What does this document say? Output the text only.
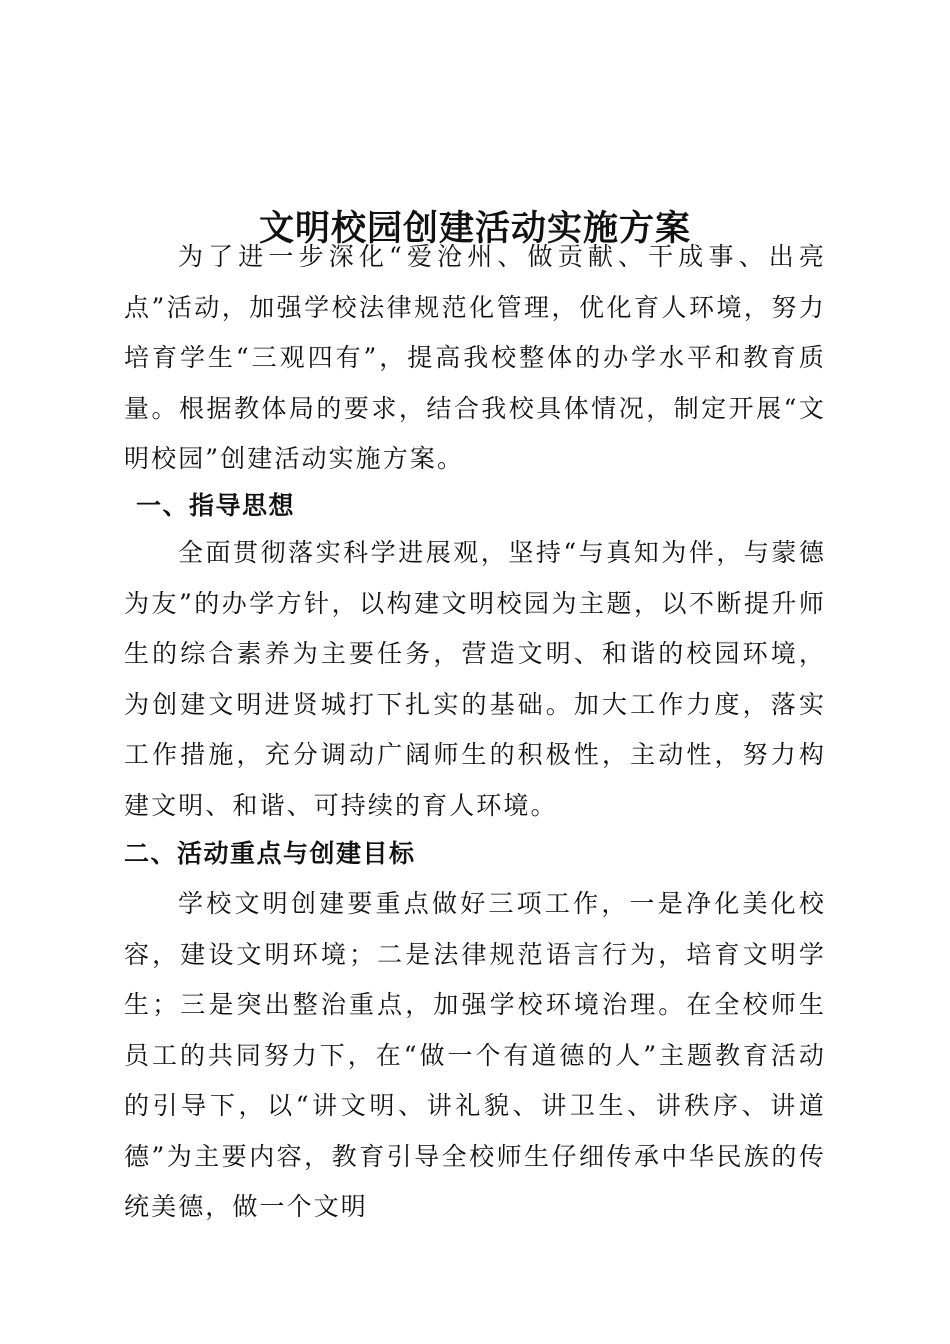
文明校园创建活动实施方案

为了进一步深化“爱沧州、做贡献、干成事、出亮点”活动，加强学校法律规范化管理，优化育人环境，努力培育学生“三观四有”，提高我校整体的办学水平和教育质量。根据教体局的要求，结合我校具体情况，制定开展“文明校园”创建活动实施方案。

一、指导思想

全面贯彻落实科学进展观，坚持“与真知为伴，与蒙德为友”的办学方针，以构建文明校园为主题，以不断提升师生的综合素养为主要任务，营造文明、和谐的校园环境，为创建文明进贤城打下扎实的基础。加大工作力度，落实工作措施，充分调动广阔师生的积极性，主动性，努力构建文明、和谐、可持续的育人环境。

二、活动重点与创建目标

学校文明创建要重点做好三项工作，一是净化美化校容，建设文明环境；二是法律规范语言行为，培育文明学生；三是突出整治重点，加强学校环境治理。在全校师生员工的共同努力下，在“做一个有道德的人”主题教育活动的引导下，以“讲文明、讲礼貌、讲卫生、讲秩序、讲道德”为主要内容，教育引导全校师生仔细传承中华民族的传统美德，做一个文明
